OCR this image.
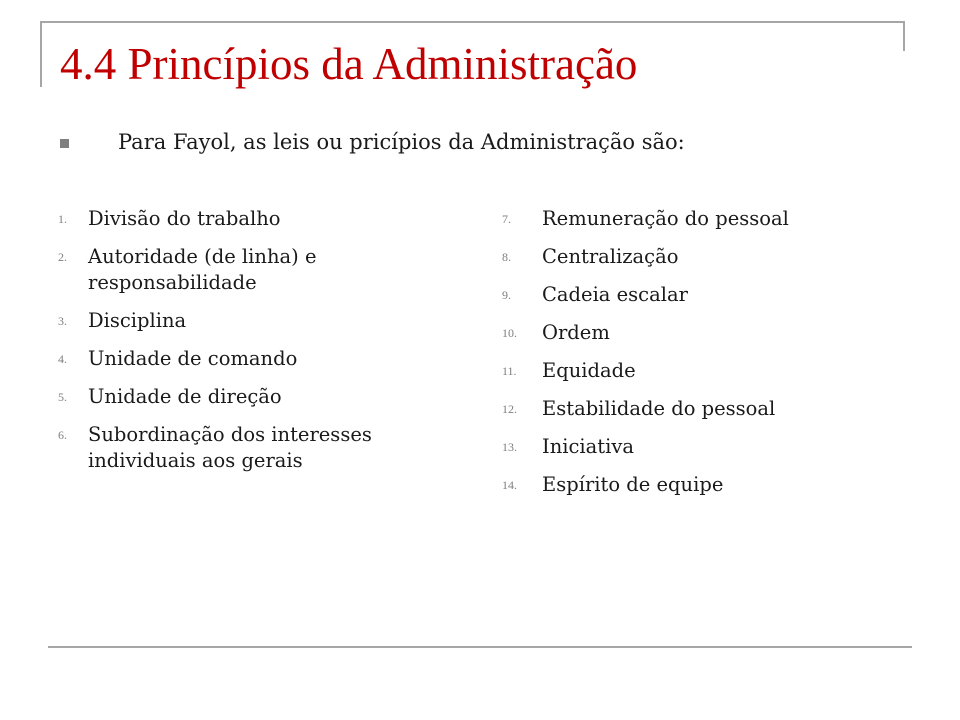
4.4 Princípios da Administração
Para Fayol, as leis ou pricípios da Administração são:
1. Divisão do trabalho
2. Autoridade (de linha) e responsabilidade
3. Disciplina
4. Unidade de comando
5. Unidade de direção
6. Subordinação dos interesses individuais aos gerais
7. Remuneração do pessoal
8. Centralização
9. Cadeia escalar
10. Ordem
11. Equidade
12. Estabilidade do pessoal
13. Iniciativa
14. Espírito de equipe
